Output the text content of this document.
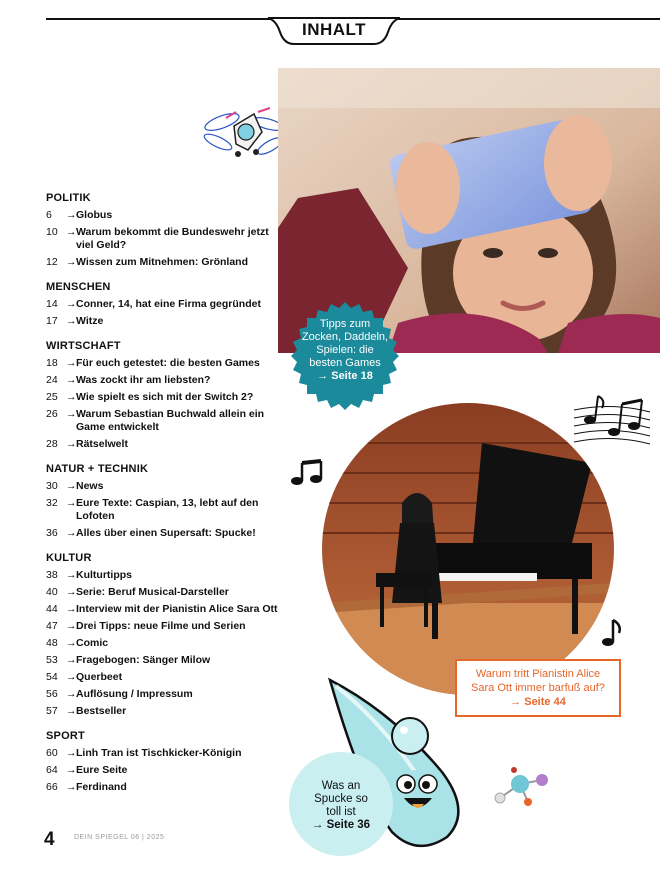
INHALT
POLITIK
6	→ Globus
10 → Warum bekommt die Bundeswehr jetzt viel Geld?
12 → Wissen zum Mitnehmen: Grönland
MENSCHEN
14 → Conner, 14, hat eine Firma gegründet
17 → Witze
WIRTSCHAFT
18 → Für euch getestet: die besten Games
24 → Was zockt ihr am liebsten?
25 → Wie spielt es sich mit der Switch 2?
26 → Warum Sebastian Buchwald allein ein Game entwickelt
28 → Rätselwelt
NATUR + TECHNIK
30 → News
32 → Eure Texte: Caspian, 13, lebt auf den Lofoten
36 → Alles über einen Supersaft: Spucke!
KULTUR
38 → Kulturtipps
40 → Serie: Beruf Musical-Darsteller
44 → Interview mit der Pianistin Alice Sara Ott
47 → Drei Tipps: neue Filme und Serien
48 → Comic
53 → Fragebogen: Sänger Milow
54 → Querbeet
56 → Auflösung / Impressum
57 → Bestseller
SPORT
60 → Linh Tran ist Tischkicker-Königin
64 → Eure Seite
66 → Ferdinand
Tipps zum
Zocken, Daddeln,
Spielen: die
besten Games
→ Seite 18
Warum tritt Pianistin Alice
Sara Ott immer barfuß auf?
→ Seite 44
Was an
Spucke so
toll ist
→ Seite 36
4	DEIN SPIEGEL 06 | 2025
